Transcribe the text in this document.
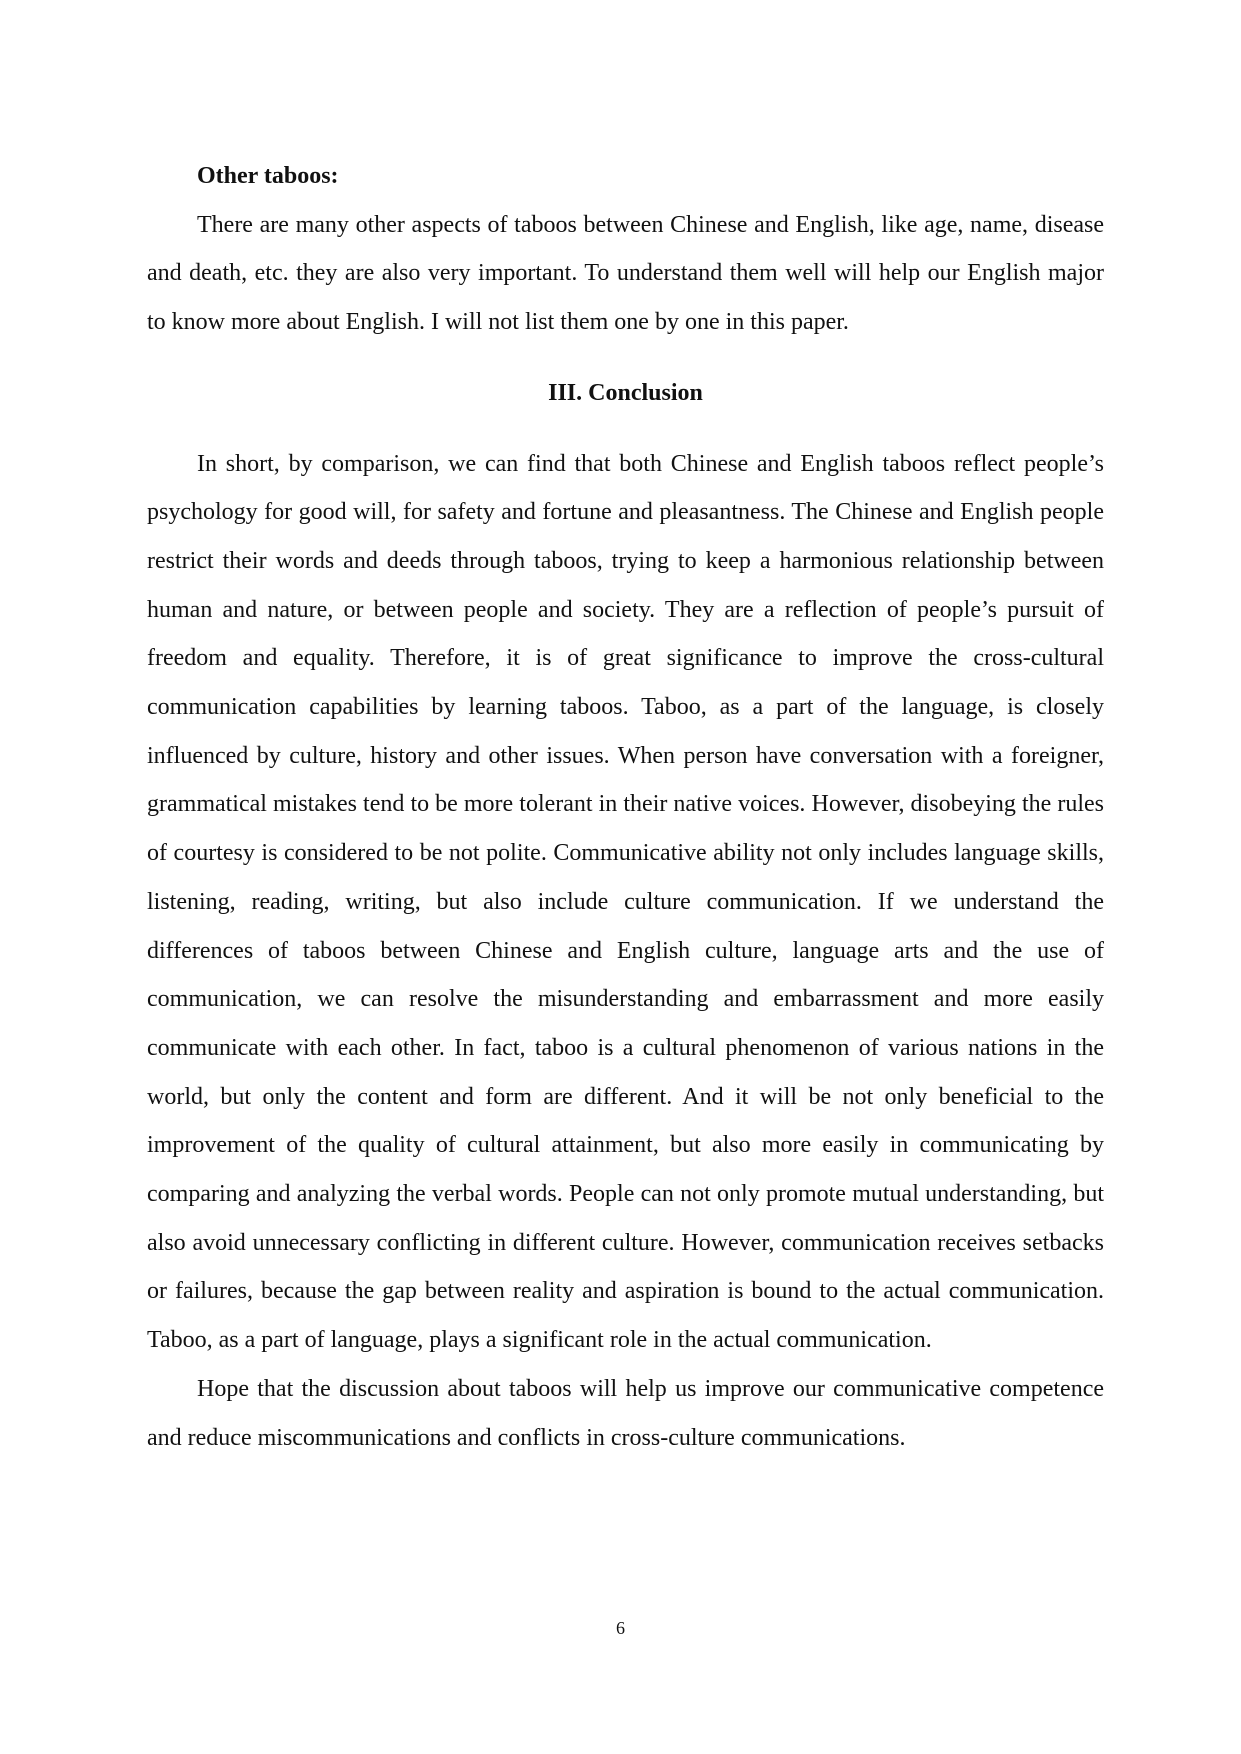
Other taboos:

There are many other aspects of taboos between Chinese and English, like age, name, disease and death, etc. they are also very important. To understand them well will help our English major to know more about English. I will not list them one by one in this paper.

III. Conclusion

In short, by comparison, we can find that both Chinese and English taboos reflect people’s psychology for good will, for safety and fortune and pleasantness. The Chinese and English people restrict their words and deeds through taboos, trying to keep a harmonious relationship between human and nature, or between people and society. They are a reflection of people’s pursuit of freedom and equality. Therefore, it is of great significance to improve the cross-cultural communication capabilities by learning taboos. Taboo, as a part of the language, is closely influenced by culture, history and other issues. When person have conversation with a foreigner, grammatical mistakes tend to be more tolerant in their native voices. However, disobeying the rules of courtesy is considered to be not polite. Communicative ability not only includes language skills, listening, reading, writing, but also include culture communication. If we understand the differences of taboos between Chinese and English culture, language arts and the use of communication, we can resolve the misunderstanding and embarrassment and more easily communicate with each other. In fact, taboo is a cultural phenomenon of various nations in the world, but only the content and form are different. And it will be not only beneficial to the improvement of the quality of cultural attainment, but also more easily in communicating by comparing and analyzing the verbal words. People can not only promote mutual understanding, but also avoid unnecessary conflicting in different culture. However, communication receives setbacks or failures, because the gap between reality and aspiration is bound to the actual communication. Taboo, as a part of language, plays a significant role in the actual communication.

Hope that the discussion about taboos will help us improve our communicative competence and reduce miscommunications and conflicts in cross-culture communications.

6
